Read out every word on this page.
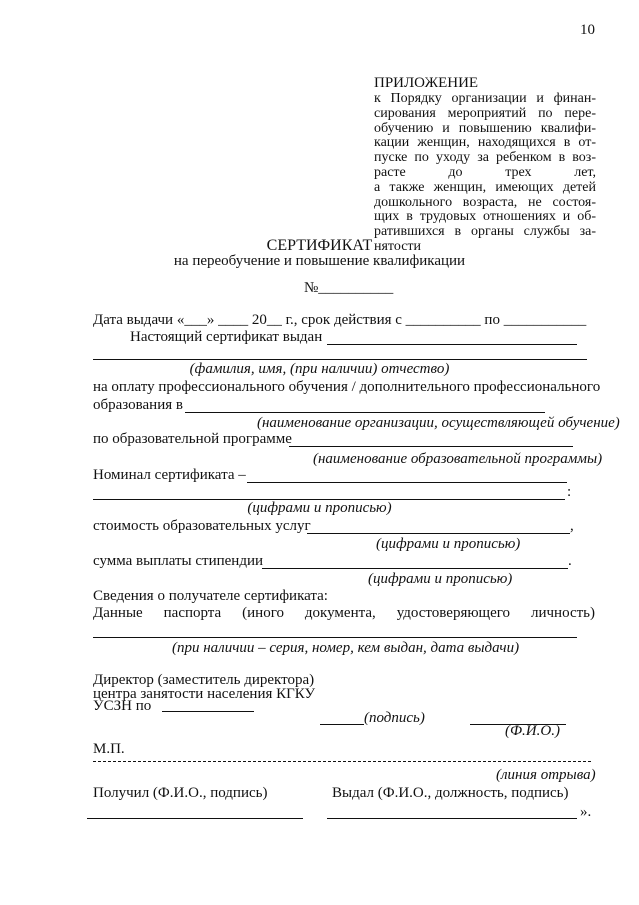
10
ПРИЛОЖЕНИЕ
к Порядку организации и финан-
сирования мероприятий по пере-
обучению и повышению квалифи-
кации женщин, находящихся в от-
пуске по уходу за ребенком в воз-
расте до трех лет,
а также женщин, имеющих детей
дошкольного возраста, не состоя-
щих в трудовых отношениях и об-
ратившихся в органы службы за-
нятости
СЕРТИФИКАТ
на переобучение и повышение квалификации
№__________
Дата выдачи «___» ____ 20__ г., срок действия с __________ по ___________
Настоящий сертификат выдан
(фамилия, имя, (при наличии) отчество)
на оплату профессионального обучения / дополнительного профессионального
образования в
(наименование организации, осуществляющей обучение)
по образовательной программе
(наименование образовательной программы)
Номинал сертификата –
:
(цифрами и прописью)
стоимость образовательных услуг	,
(цифрами и прописью)
сумма выплаты стипендии	.
(цифрами и прописью)
Сведения о получателе сертификата:
Данные паспорта (иного документа, удостоверяющего личность)
(при наличии – серия, номер, кем выдан, дата выдачи)
Директор (заместитель директора)
центра занятости населения КГКУ
УСЗН по
(подпись)
(Ф.И.О.)
М.П.
(линия отрыва)
Получил (Ф.И.О., подпись)	Выдал (Ф.И.О., должность, подпись)
».
